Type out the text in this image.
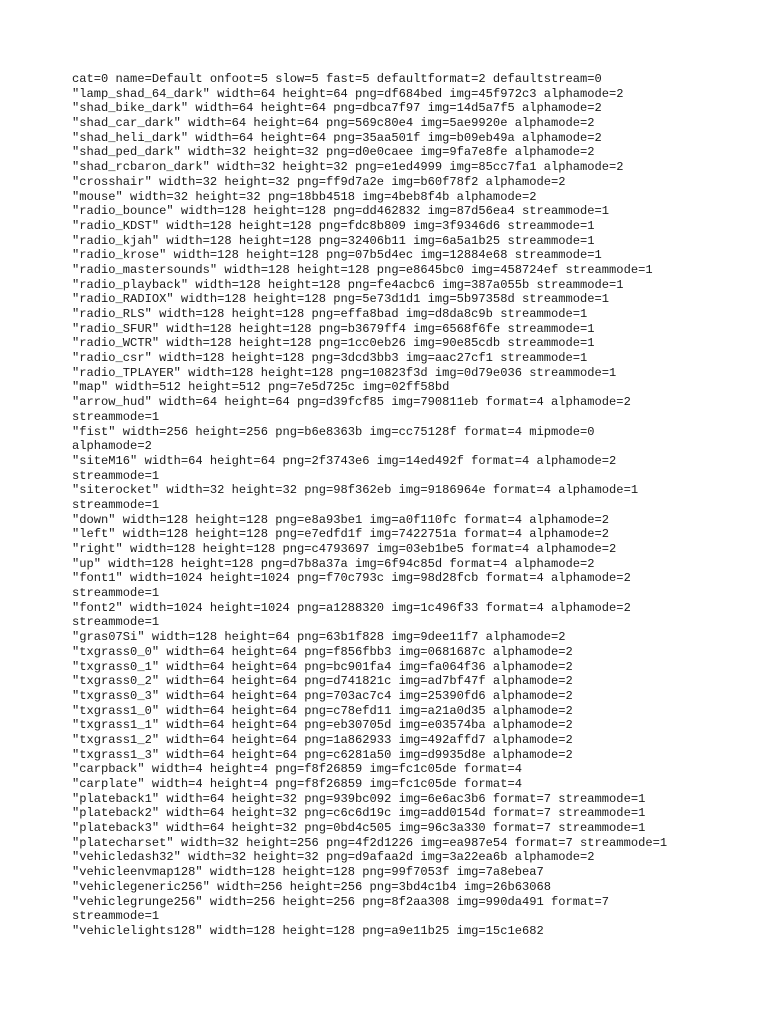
cat=0 name=Default onfoot=5 slow=5 fast=5 defaultformat=2 defaultstream=0
"lamp_shad_64_dark" width=64 height=64 png=df684bed img=45f972c3 alphamode=2
"shad_bike_dark" width=64 height=64 png=dbca7f97 img=14d5a7f5 alphamode=2
"shad_car_dark" width=64 height=64 png=569c80e4 img=5ae9920e alphamode=2
"shad_heli_dark" width=64 height=64 png=35aa501f img=b09eb49a alphamode=2
"shad_ped_dark" width=32 height=32 png=d0e0caee img=9fa7e8fe alphamode=2
"shad_rcbaron_dark" width=32 height=32 png=e1ed4999 img=85cc7fa1 alphamode=2
"crosshair" width=32 height=32 png=ff9d7a2e img=b60f78f2 alphamode=2
"mouse" width=32 height=32 png=18bb4518 img=4beb8f4b alphamode=2
"radio_bounce" width=128 height=128 png=dd462832 img=87d56ea4 streammode=1
"radio_KDST" width=128 height=128 png=fdc8b809 img=3f9346d6 streammode=1
"radio_kjah" width=128 height=128 png=32406b11 img=6a5a1b25 streammode=1
"radio_krose" width=128 height=128 png=07b5d4ec img=12884e68 streammode=1
"radio_mastersounds" width=128 height=128 png=e8645bc0 img=458724ef streammode=1
"radio_playback" width=128 height=128 png=fe4acbc6 img=387a055b streammode=1
"radio_RADIOX" width=128 height=128 png=5e73d1d1 img=5b97358d streammode=1
"radio_RLS" width=128 height=128 png=effa8bad img=d8da8c9b streammode=1
"radio_SFUR" width=128 height=128 png=b3679ff4 img=6568f6fe streammode=1
"radio_WCTR" width=128 height=128 png=1cc0eb26 img=90e85cdb streammode=1
"radio_csr" width=128 height=128 png=3dcd3bb3 img=aac27cf1 streammode=1
"radio_TPLAYER" width=128 height=128 png=10823f3d img=0d79e036 streammode=1
"map" width=512 height=512 png=7e5d725c img=02ff58bd
"arrow_hud" width=64 height=64 png=d39fcf85 img=790811eb format=4 alphamode=2
streammode=1
"fist" width=256 height=256 png=b6e8363b img=cc75128f format=4 mipmode=0
alphamode=2
"siteM16" width=64 height=64 png=2f3743e6 img=14ed492f format=4 alphamode=2
streammode=1
"siterocket" width=32 height=32 png=98f362eb img=9186964e format=4 alphamode=1
streammode=1
"down" width=128 height=128 png=e8a93be1 img=a0f110fc format=4 alphamode=2
"left" width=128 height=128 png=e7edfd1f img=7422751a format=4 alphamode=2
"right" width=128 height=128 png=c4793697 img=03eb1be5 format=4 alphamode=2
"up" width=128 height=128 png=d7b8a37a img=6f94c85d format=4 alphamode=2
"font1" width=1024 height=1024 png=f70c793c img=98d28fcb format=4 alphamode=2
streammode=1
"font2" width=1024 height=1024 png=a1288320 img=1c496f33 format=4 alphamode=2
streammode=1
"gras07Si" width=128 height=64 png=63b1f828 img=9dee11f7 alphamode=2
"txgrass0_0" width=64 height=64 png=f856fbb3 img=0681687c alphamode=2
"txgrass0_1" width=64 height=64 png=bc901fa4 img=fa064f36 alphamode=2
"txgrass0_2" width=64 height=64 png=d741821c img=ad7bf47f alphamode=2
"txgrass0_3" width=64 height=64 png=703ac7c4 img=25390fd6 alphamode=2
"txgrass1_0" width=64 height=64 png=c78efd11 img=a21a0d35 alphamode=2
"txgrass1_1" width=64 height=64 png=eb30705d img=e03574ba alphamode=2
"txgrass1_2" width=64 height=64 png=1a862933 img=492affd7 alphamode=2
"txgrass1_3" width=64 height=64 png=c6281a50 img=d9935d8e alphamode=2
"carpback" width=4 height=4 png=f8f26859 img=fc1c05de format=4
"carplate" width=4 height=4 png=f8f26859 img=fc1c05de format=4
"plateback1" width=64 height=32 png=939bc092 img=6e6ac3b6 format=7 streammode=1
"plateback2" width=64 height=32 png=c6c6d19c img=add0154d format=7 streammode=1
"plateback3" width=64 height=32 png=0bd4c505 img=96c3a330 format=7 streammode=1
"platecharset" width=32 height=256 png=4f2d1226 img=ea987e54 format=7 streammode=1
"vehicledash32" width=32 height=32 png=d9afaa2d img=3a22ea6b alphamode=2
"vehicleenvmap128" width=128 height=128 png=99f7053f img=7a8ebea7
"vehiclegeneric256" width=256 height=256 png=3bd4c1b4 img=26b63068
"vehiclegrunge256" width=256 height=256 png=8f2aa308 img=990da491 format=7
streammode=1
"vehiclelights128" width=128 height=128 png=a9e11b25 img=15c1e682
